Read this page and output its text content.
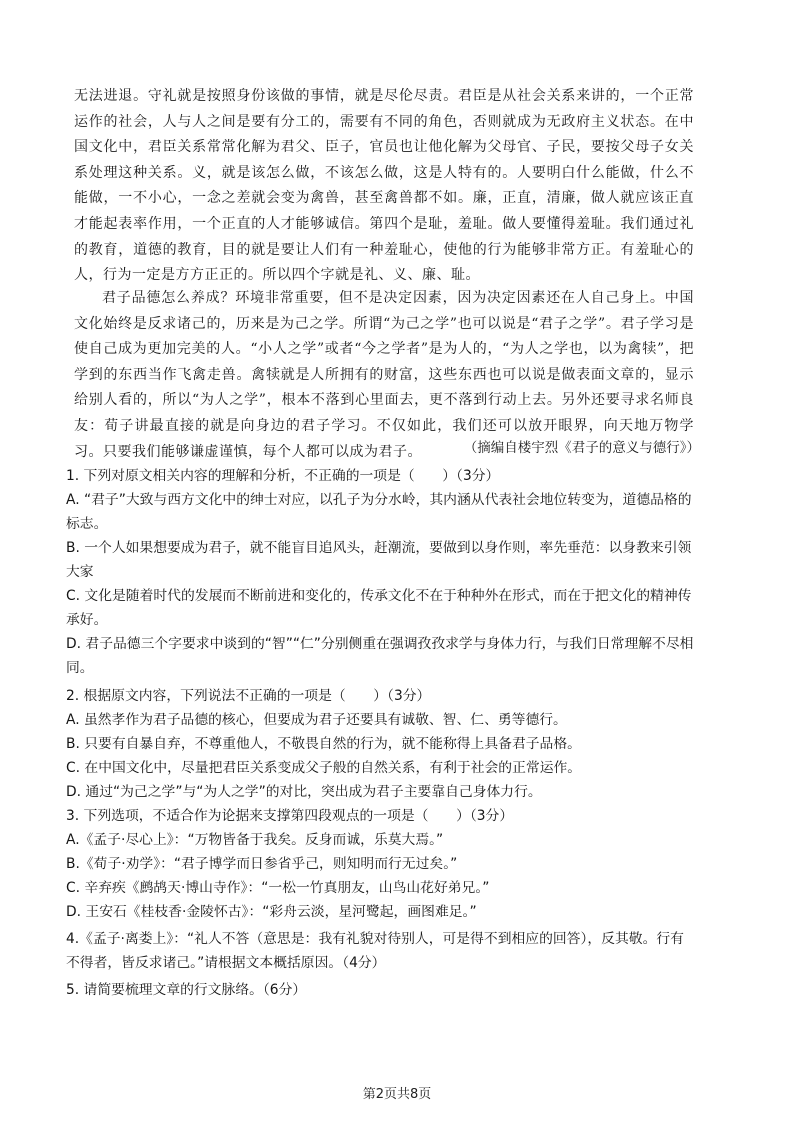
无法进退。守礼就是按照身份该做的事情，就是尽伦尽责。君臣是从社会关系来讲的，一个正常运作的社会，人与人之间是要有分工的，需要有不同的角色，否则就成为无政府主义状态。在中国文化中，君臣关系常常化解为君父、臣子，官员也让他化解为父母官、子民，要按父母子女关系处理这种关系。义，就是该怎么做，不该怎么做，这是人特有的。人要明白什么能做，什么不能做，一不小心，一念之差就会变为禽兽，甚至禽兽都不如。廉，正直，清廉，做人就应该正直才能起表率作用，一个正直的人才能够诚信。第四个是耻，羞耻。做人要懂得羞耻。我们通过礼的教育，道德的教育，目的就是要让人们有一种羞耻心，使他的行为能够非常方正。有羞耻心的人，行为一定是方方正正的。所以四个字就是礼、义、廉、耻。

君子品德怎么养成？环境非常重要，但不是决定因素，因为决定因素还在人自己身上。中国文化始终是反求诸己的，历来是为己之学。所谓“为己之学”也可以说是“君子之学”。君子学习是使自己成为更加完美的人。“小人之学”或者“今之学者”是为人的，“为人之学也，以为禽犊”，把学到的东西当作飞禽走兽。禽犊就是人所拥有的财富，这些东西也可以说是做表面文章的，显示给别人看的，所以“为人之学”，根本不落到心里面去，更不落到行动上去。另外还要寻求名师良友：荀子讲最直接的就是向身边的君子学习。不仅如此，我们还可以放开眼界，向天地万物学习。只要我们能够谦虚谨慎，每个人都可以成为君子。	（摘编自楼宇烈《君子的意义与德行》）

1. 下列对原文相关内容的理解和分析，不正确的一项是（　　）（3分）

A. “君子”大致与西方文化中的绅士对应，以孔子为分水岭，其内涵从代表社会地位转变为，道德品格的标志。

B. 一个人如果想要成为君子，就不能盲目追风头，赶潮流，要做到以身作则，率先垂范：以身教来引领大家

C. 文化是随着时代的发展而不断前进和变化的，传承文化不在于种种外在形式，而在于把文化的精神传承好。

D. 君子品德三个字要求中谈到的“智”“仁”分别侧重在强调孜孜求学与身体力行，与我们日常理解不尽相同。

2. 根据原文内容，下列说法不正确的一项是（　　）（3分）

A. 虽然孝作为君子品德的核心，但要成为君子还要具有诚敬、智、仁、勇等德行。

B. 只要有自暴自弃，不尊重他人，不敬畏自然的行为，就不能称得上具备君子品格。

C. 在中国文化中，尽量把君臣关系变成父子般的自然关系，有利于社会的正常运作。

D. 通过“为己之学”与“为人之学”的对比，突出成为君子主要靠自己身体力行。

3. 下列选项，不适合作为论据来支撑第四段观点的一项是（　　）（3分）

A.《孟子·尽心上》：“万物皆备于我矣。反身而诚，乐莫大焉。”

B.《荀子·劝学》：“君子博学而日参省乎己，则知明而行无过矣。”

C. 辛弃疾《鹧鸪天·博山寺作》：“一松一竹真朋友，山鸟山花好弟兄。”

D. 王安石《桂枝香·金陵怀古》：“彩舟云淡，星河鹭起，画图难足。”

4.《孟子·离娄上》：“礼人不答（意思是：我有礼貌对待别人，可是得不到相应的回答），反其敬。行有不得者，皆反求诸己。”请根据文本概括原因。（4分）

5. 请简要梳理文章的行文脉络。（6分）

第2页共8页
